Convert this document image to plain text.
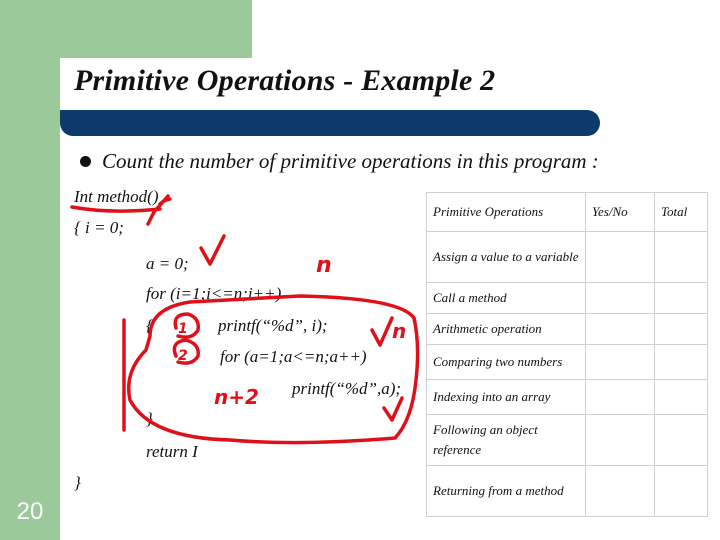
Primitive Operations - Example 2
Count the number of primitive operations in this program :
Int method()
{ i = 0;
a = 0;
for (i=1;i<=n;i++)
{	printf(“%d”, i);
for (a=1;a<=n;a++)
printf(“%d”,a);
}
return I
}
Primitive Operations	Yes/No	Total
Assign a value to a variable		
Call a method		
Arithmetic operation		
Comparing two numbers		
Indexing into an array		
Following an object reference		
Returning from a method		
20
n
n
1
2
n+2
